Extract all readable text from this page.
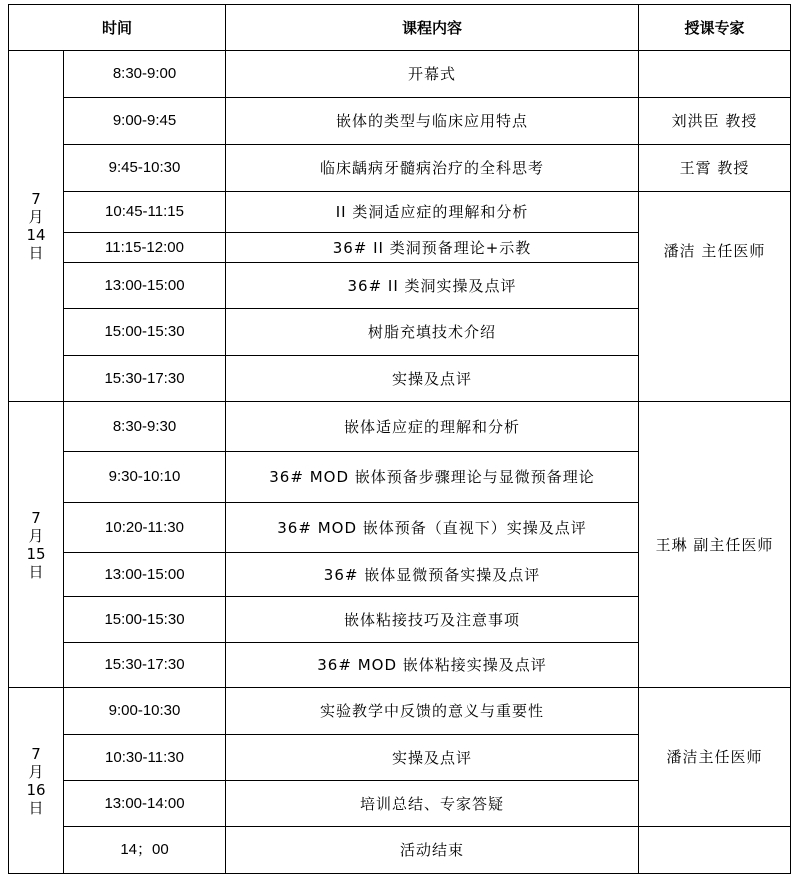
时间		课程内容	授课专家
7
月
14
日	8:30-9:00	开幕式	
	9:00-9:45	嵌体的类型与临床应用特点	刘洪臣 教授
	9:45-10:30	临床龋病牙髓病治疗的全科思考	王霄 教授
	10:45-11:15	II 类洞适应症的理解和分析	潘洁 主任医师
	11:15-12:00	36# II 类洞预备理论+示教	
	13:00-15:00	36# II 类洞实操及点评	
	15:00-15:30	树脂充填技术介绍	
	15:30-17:30	实操及点评	
7
月
15
日	8:30-9:30	嵌体适应症的理解和分析	王琳 副主任医师
	9:30-10:10	36# MOD 嵌体预备步骤理论与显微预备理论	
	10:20-11:30	36# MOD 嵌体预备（直视下）实操及点评	
	13:00-15:00	36# 嵌体显微预备实操及点评	
	15:00-15:30	嵌体粘接技巧及注意事项	
	15:30-17:30	36# MOD 嵌体粘接实操及点评	
7
月
16
日	9:00-10:30	实验教学中反馈的意义与重要性	潘洁主任医师
	10:30-11:30	实操及点评	
	13:00-14:00	培训总结、专家答疑	
	14；00	活动结束	
